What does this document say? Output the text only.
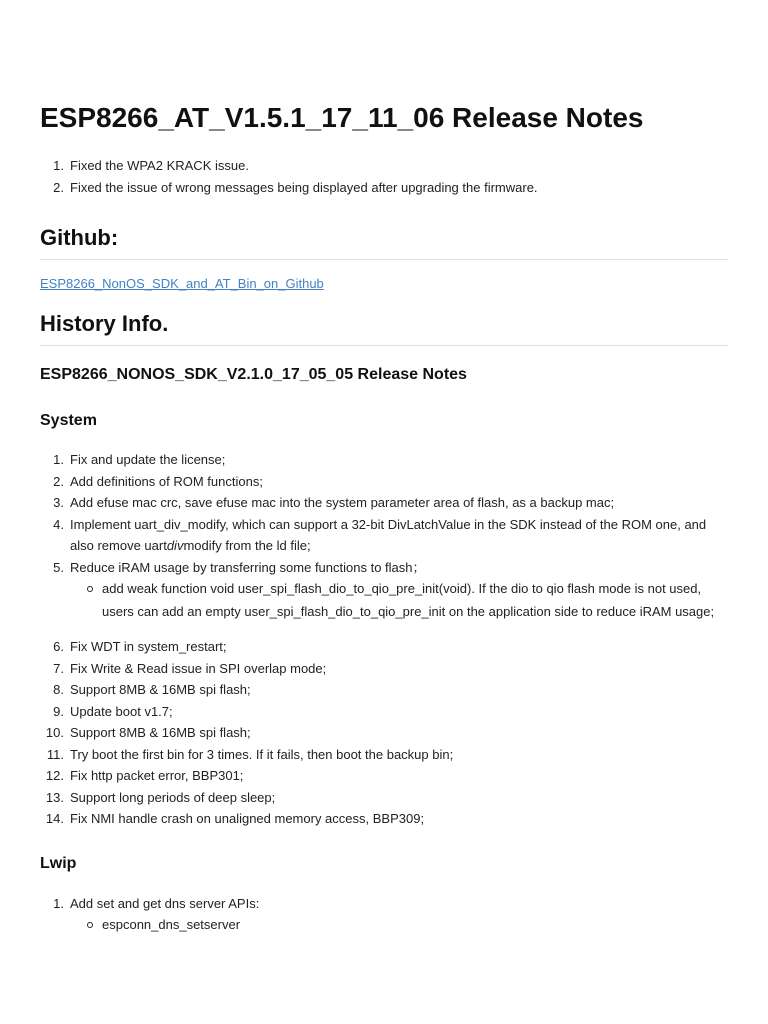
ESP8266_AT_V1.5.1_17_11_06 Release Notes
1. Fixed the WPA2 KRACK issue.
2. Fixed the issue of wrong messages being displayed after upgrading the firmware.
Github:
ESP8266_NonOS_SDK_and_AT_Bin_on_Github
History Info.
ESP8266_NONOS_SDK_V2.1.0_17_05_05 Release Notes
System
1. Fix and update the license;
2. Add definitions of ROM functions;
3. Add efuse mac crc, save efuse mac into the system parameter area of flash, as a backup mac;
4. Implement uart_div_modify, which can support a 32-bit DivLatchValue in the SDK instead of the ROM one, and also remove uartdivmodify from the ld file;
5. Reduce iRAM usage by transferring some functions to flash；
add weak function void user_spi_flash_dio_to_qio_pre_init(void). If the dio to qio flash mode is not used, users can add an empty user_spi_flash_dio_to_qio_pre_init on the application side to reduce iRAM usage;
6. Fix WDT in system_restart;
7. Fix Write & Read issue in SPI overlap mode;
8. Support 8MB & 16MB spi flash;
9. Update boot v1.7;
10. Support 8MB & 16MB spi flash;
11. Try boot the first bin for 3 times. If it fails, then boot the backup bin;
12. Fix http packet error, BBP301;
13. Support long periods of deep sleep;
14. Fix NMI handle crash on unaligned memory access, BBP309;
Lwip
1. Add set and get dns server APIs:
espconn_dns_setserver
